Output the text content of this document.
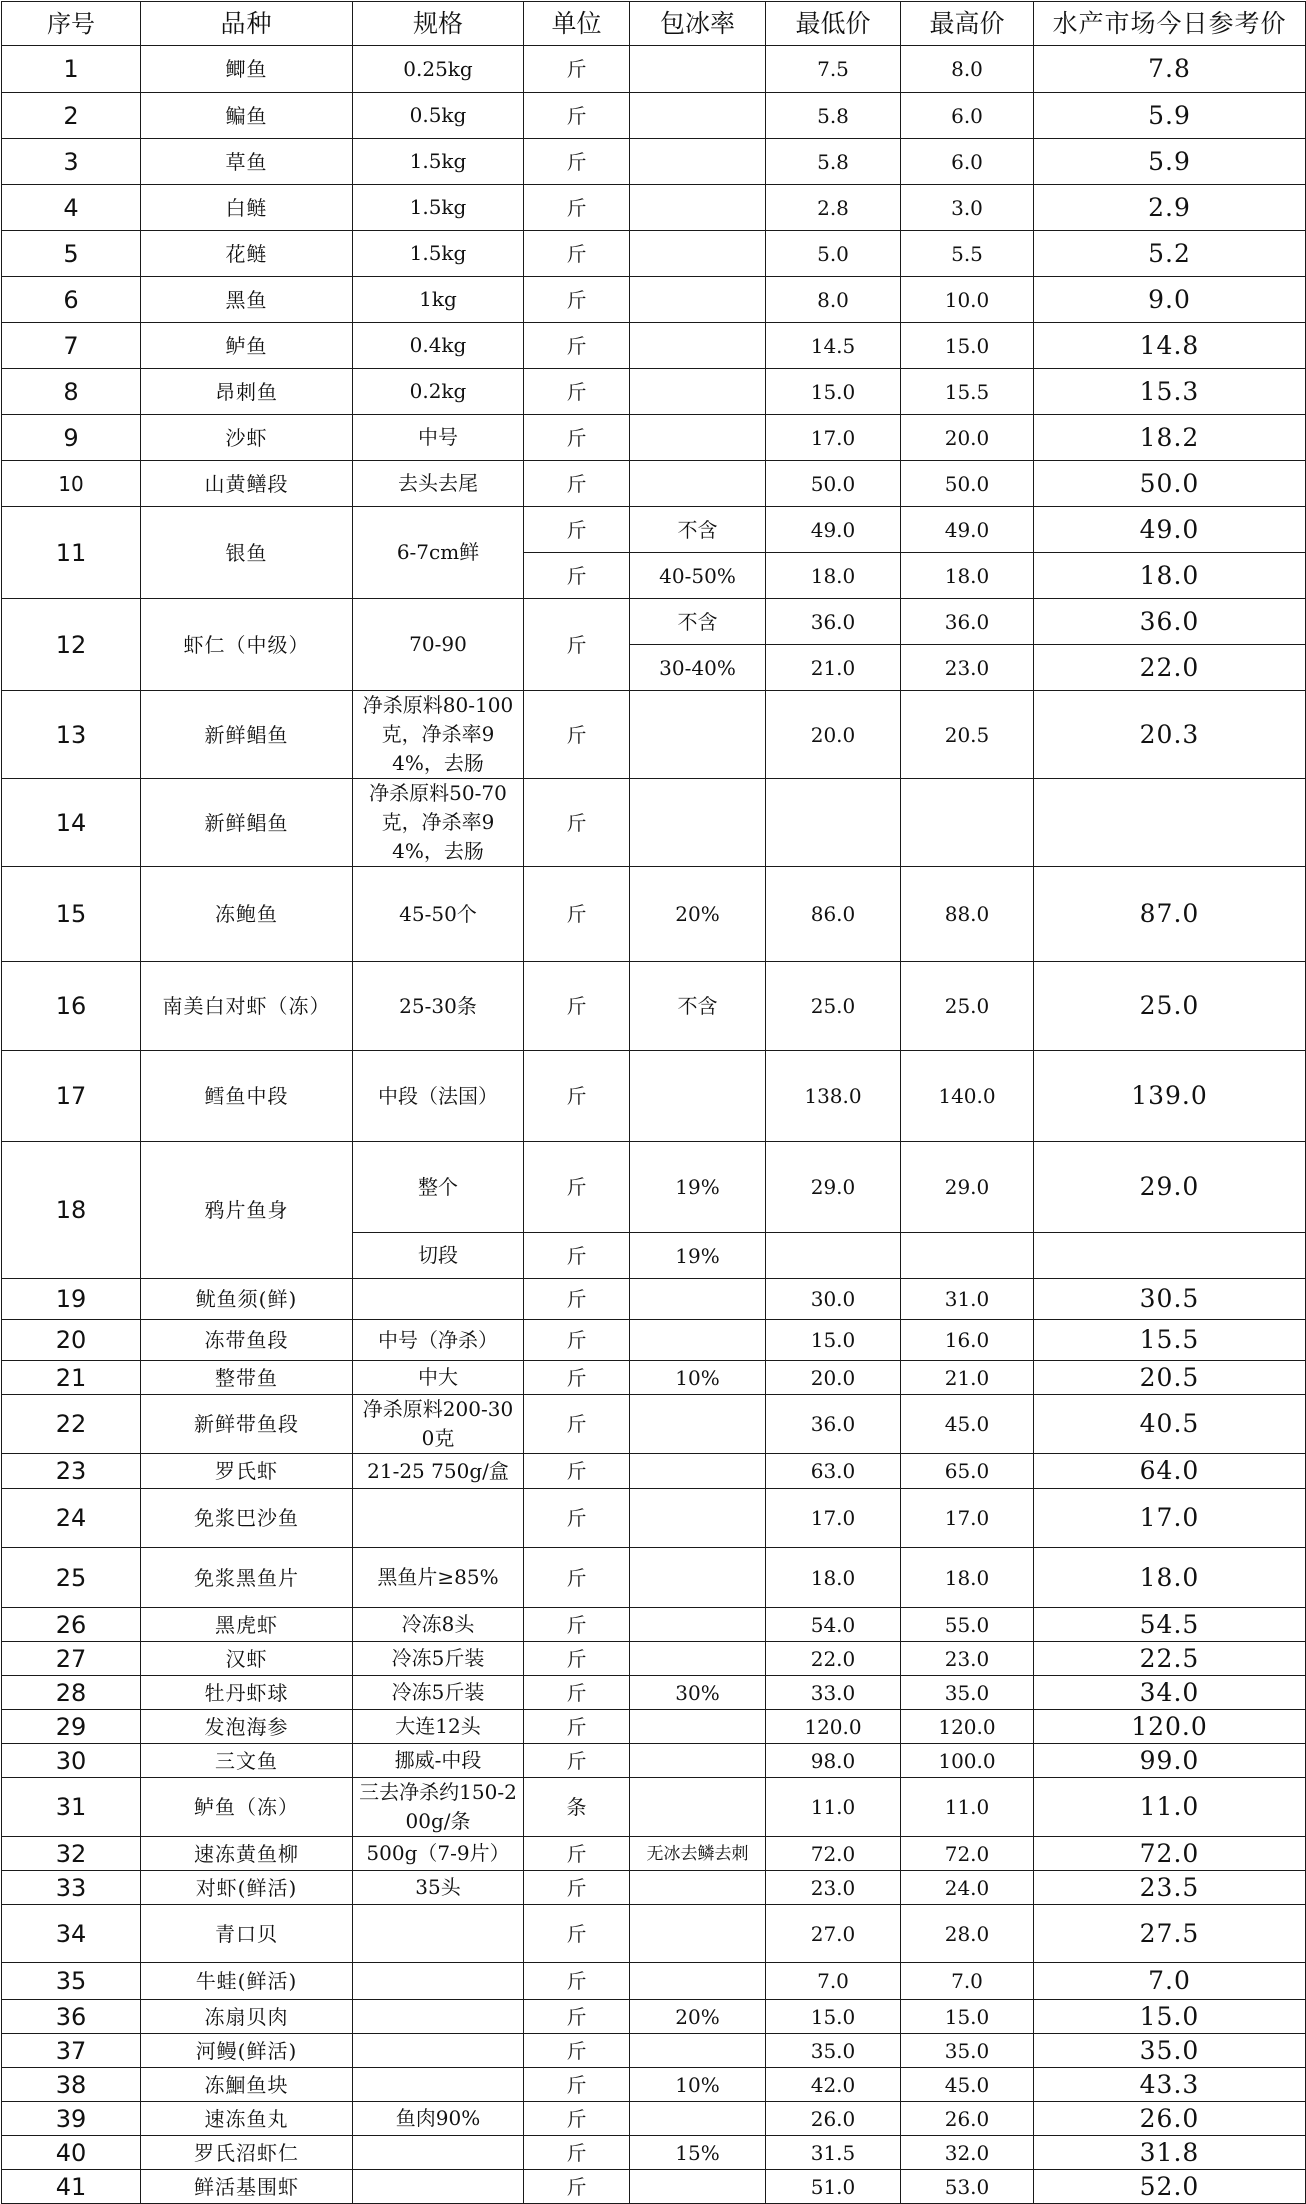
序号	品种	规格	单位	包冰率	最低价	最高价	水产市场今日参考价
1	鲫鱼	0.25kg	斤		7.5	8.0	7.8
2	鳊鱼	0.5kg	斤		5.8	6.0	5.9
3	草鱼	1.5kg	斤		5.8	6.0	5.9
4	白鲢	1.5kg	斤		2.8	3.0	2.9
5	花鲢	1.5kg	斤		5.0	5.5	5.2
6	黑鱼	1kg	斤		8.0	10.0	9.0
7	鲈鱼	0.4kg	斤		14.5	15.0	14.8
8	昂刺鱼	0.2kg	斤		15.0	15.5	15.3
9	沙虾	中号	斤		17.0	20.0	18.2
10	山黄鳝段	去头去尾	斤		50.0	50.0	50.0
11	银鱼	6-7cm鲜	斤	不含	49.0	49.0	49.0
			斤	40-50%	18.0	18.0	18.0
12	虾仁（中级）	70-90	斤	不含	36.0	36.0	36.0
				30-40%	21.0	23.0	22.0
13	新鲜鲳鱼	净杀原料80-100克，净杀率94%，去肠	斤		20.0	20.5	20.3
14	新鲜鲳鱼	净杀原料50-70克，净杀率94%，去肠	斤				
15	冻鲍鱼	45-50个	斤	20%	86.0	88.0	87.0
16	南美白对虾（冻）	25-30条	斤	不含	25.0	25.0	25.0
17	鳕鱼中段	中段（法国）	斤		138.0	140.0	139.0
18	鸦片鱼身	整个	斤	19%	29.0	29.0	29.0
		切段	斤	19%			
19	鱿鱼须(鲜)		斤		30.0	31.0	30.5
20	冻带鱼段	中号（净杀）	斤		15.0	16.0	15.5
21	整带鱼	中大	斤	10%	20.0	21.0	20.5
22	新鲜带鱼段	净杀原料200-300克	斤		36.0	45.0	40.5
23	罗氏虾	21-25 750g/盒	斤		63.0	65.0	64.0
24	免浆巴沙鱼		斤		17.0	17.0	17.0
25	免浆黑鱼片	黑鱼片≥85%	斤		18.0	18.0	18.0
26	黑虎虾	冷冻8头	斤		54.0	55.0	54.5
27	汉虾	冷冻5斤装	斤		22.0	23.0	22.5
28	牡丹虾球	冷冻5斤装	斤	30%	33.0	35.0	34.0
29	发泡海参	大连12头	斤		120.0	120.0	120.0
30	三文鱼	挪威-中段	斤		98.0	100.0	99.0
31	鲈鱼（冻）	三去净杀约150-200g/条	条		11.0	11.0	11.0
32	速冻黄鱼柳	500g（7-9片）	斤	无冰去鳞去刺	72.0	72.0	72.0
33	对虾(鲜活)	35头	斤		23.0	24.0	23.5
34	青口贝		斤		27.0	28.0	27.5
35	牛蛙(鲜活)		斤		7.0	7.0	7.0
36	冻扇贝肉		斤	20%	15.0	15.0	15.0
37	河鳗(鲜活)		斤		35.0	35.0	35.0
38	冻鮰鱼块		斤	10%	42.0	45.0	43.3
39	速冻鱼丸	鱼肉90%	斤		26.0	26.0	26.0
40	罗氏沼虾仁		斤	15%	31.5	32.0	31.8
41	鲜活基围虾		斤		51.0	53.0	52.0
